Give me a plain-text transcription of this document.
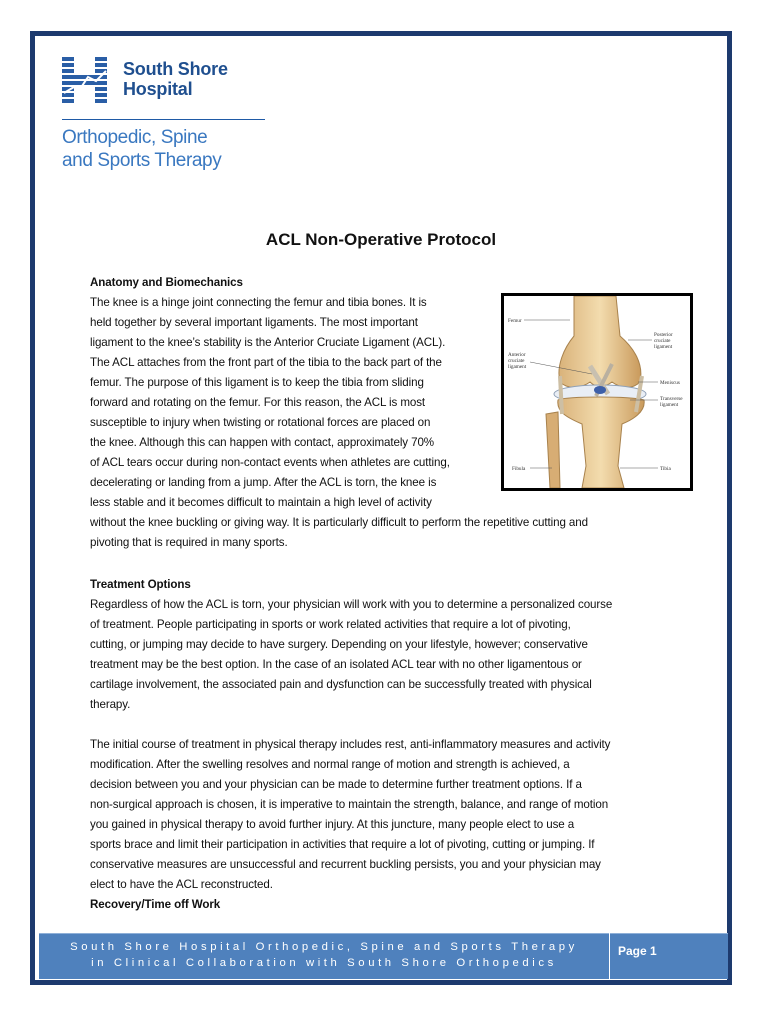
South Shore
Hospital
Orthopedic, Spine
and Sports Therapy
ACL Non-Operative Protocol
Anatomy and Biomechanics
The knee is a hinge joint connecting the femur and tibia bones. It is
held together by several important ligaments. The most important
ligament to the knee’s stability is the Anterior Cruciate Ligament (ACL).
The ACL attaches from the front part of the tibia to the back part of the
femur. The purpose of this ligament is to keep the tibia from sliding
forward and rotating on the femur. For this reason, the ACL is most
susceptible to injury when twisting or rotational forces are placed on
the knee. Although this can happen with contact, approximately 70%
of ACL tears occur during non-contact events when athletes are cutting,
decelerating or landing from a jump. After the ACL is torn, the knee is
less stable and it becomes difficult to maintain a high level of activity
without the knee buckling or giving way. It is particularly difficult to perform the repetitive cutting and
pivoting that is required in many sports.
Femur
Posterior
cruciate
ligament
Anterior
cruciate
ligament
Meniscus
Transverse
ligament
Fibula	Tibia
Treatment Options
Regardless of how the ACL is torn, your physician will work with you to determine a personalized course
of treatment. People participating in sports or work related activities that require a lot of pivoting,
cutting, or jumping may decide to have surgery. Depending on your lifestyle, however; conservative
treatment may be the best option. In the case of an isolated ACL tear with no other ligamentous or
cartilage involvement, the associated pain and dysfunction can be successfully treated with physical
therapy.
The initial course of treatment in physical therapy includes rest, anti-inflammatory measures and activity
modification. After the swelling resolves and normal range of motion and strength is achieved, a
decision between you and your physician can be made to determine further treatment options. If a
non-surgical approach is chosen, it is imperative to maintain the strength, balance, and range of motion
you gained in physical therapy to avoid further injury. At this juncture, many people elect to use a
sports brace and limit their participation in activities that require a lot of pivoting, cutting or jumping. If
conservative measures are unsuccessful and recurrent buckling persists, you and your physician may
elect to have the ACL reconstructed.
Recovery/Time off Work
South Shore Hospital Orthopedic, Spine and Sports Therapy
in Clinical Collaboration with South Shore Orthopedics
Page 1
